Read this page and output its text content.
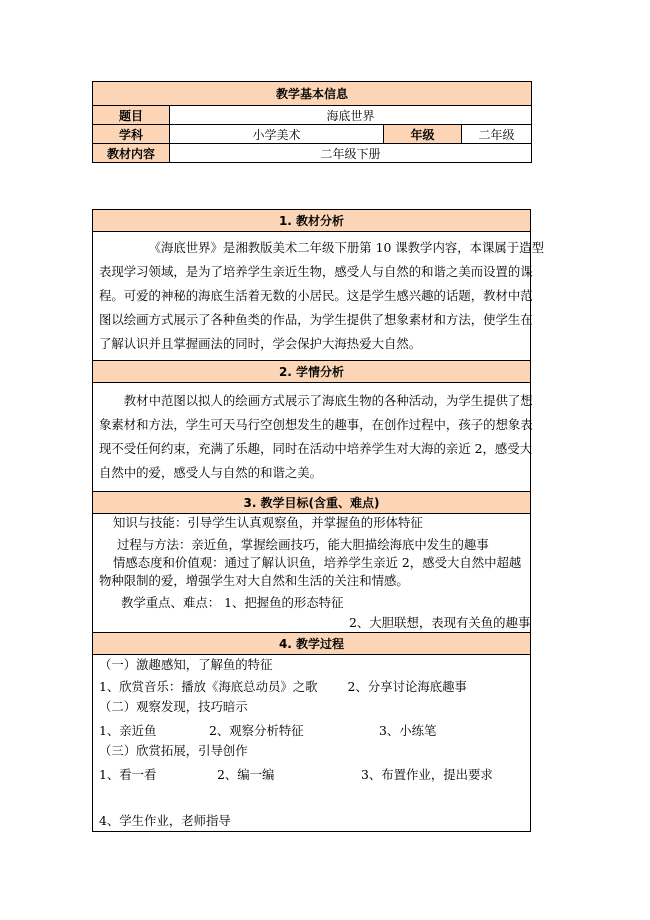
教学基本信息			
题目	海底世界		
学科	小学美术	年级	二年级
教材内容	二年级下册		
1. 教材分析

《海底世界》是湘教版美术二年级下册第 10 课教学内容，本课属于造型
表现学习领域，是为了培养学生亲近生物，感受人与自然的和谐之美而设置的课
程。可爱的神秘的海底生活着无数的小居民。这是学生感兴趣的话题，教材中范
图以绘画方式展示了各种鱼类的作品，为学生提供了想象素材和方法，使学生在
了解认识并且掌握画法的同时，学会保护大海热爱大自然。

2. 学情分析

教材中范图以拟人的绘画方式展示了海底生物的各种活动，为学生提供了想
象素材和方法，学生可天马行空创想发生的趣事，在创作过程中，孩子的想象表
现不受任何约束，充满了乐趣，同时在活动中培养学生对大海的亲近 2，感受大
自然中的爱，感受人与自然的和谐之美。

3. 教学目标(含重、难点)

知识与技能：引导学生认真观察鱼，并掌握鱼的形体特征
过程与方法：亲近鱼，掌握绘画技巧，能大胆描绘海底中发生的趣事
情感态度和价值观：通过了解认识鱼，培养学生亲近 2，感受大自然中超越
物种限制的爱，增强学生对大自然和生活的关注和情感。
教学重点、难点： 1、把握鱼的形态特征
2、大胆联想，表现有关鱼的趣事

4. 教学过程

（一）激趣感知，了解鱼的特征
1、欣赏音乐：播放《海底总动员》之歌 2、分享讨论海底趣事
（二）观察发现，技巧暗示
1、亲近鱼	2、观察分析特征	3、小练笔
（三）欣赏拓展，引导创作
1、看一看	2、编一编	3、布置作业，提出要求
4、学生作业，老师指导
